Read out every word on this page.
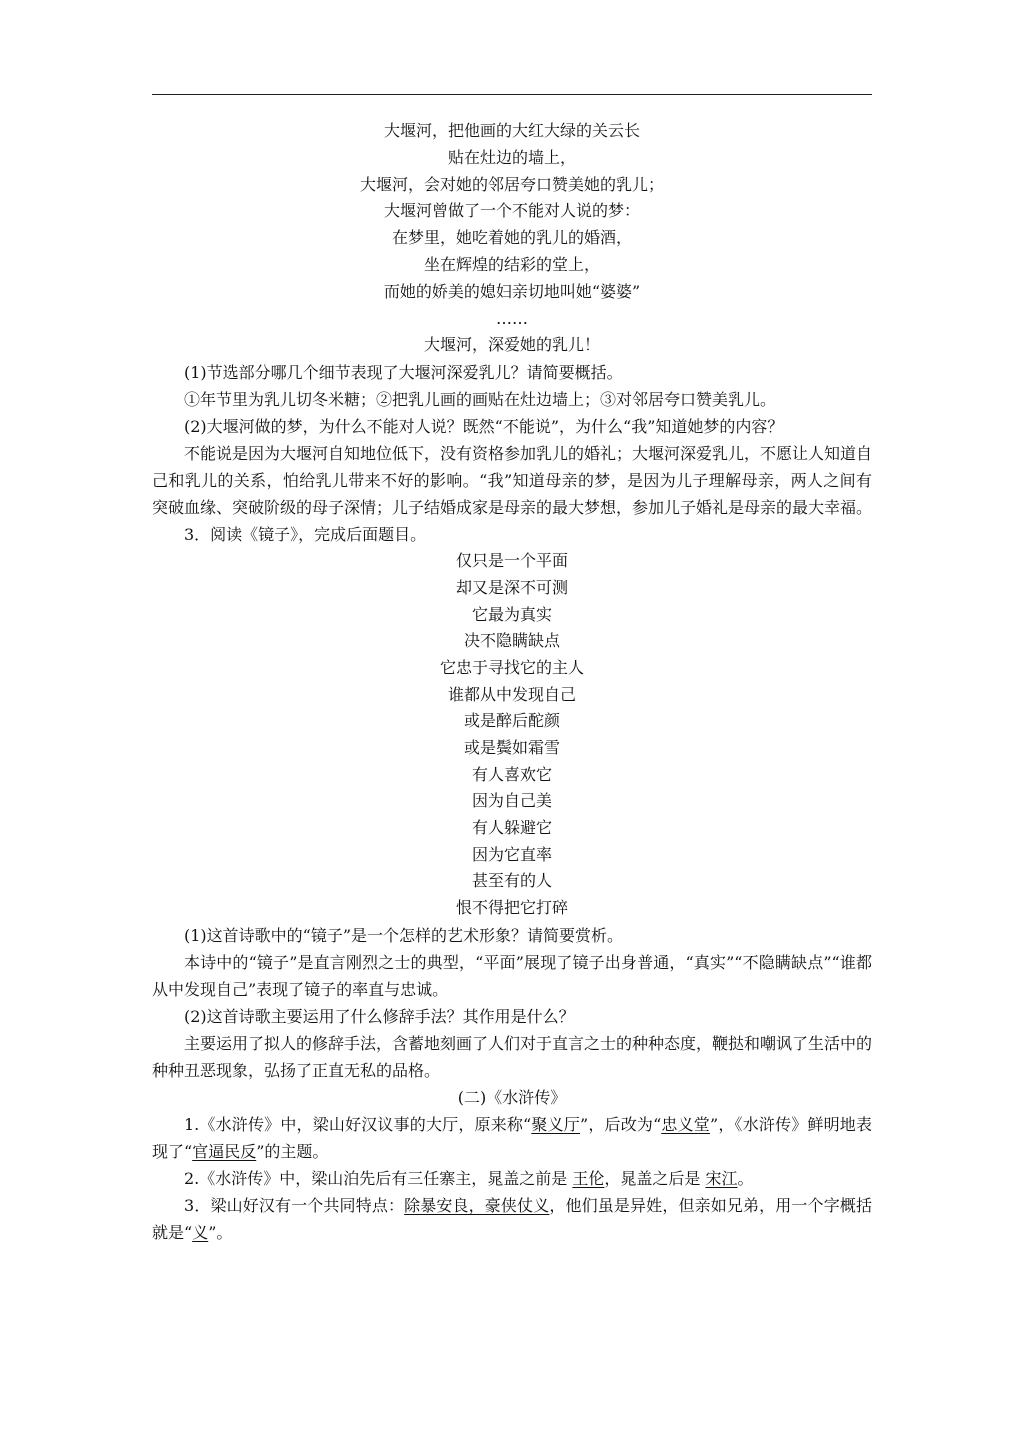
大堰河，把他画的大红大绿的关云长
贴在灶边的墙上，
大堰河，会对她的邻居夸口赞美她的乳儿；
大堰河曾做了一个不能对人说的梦：
在梦里，她吃着她的乳儿的婚酒，
坐在辉煌的结彩的堂上，
而她的娇美的媳妇亲切地叫她“婆婆”
……
大堰河，深爱她的乳儿！

(1)节选部分哪几个细节表现了大堰河深爱乳儿？请简要概括。

①年节里为乳儿切冬米糖；②把乳儿画的画贴在灶边墙上；③对邻居夸口赞美乳儿。

(2)大堰河做的梦，为什么不能对人说？既然“不能说”，为什么“我”知道她梦的内容？

不能说是因为大堰河自知地位低下，没有资格参加乳儿的婚礼；大堰河深爱乳儿，不愿让人知道自己和乳儿的关系，怕给乳儿带来不好的影响。“我”知道母亲的梦，是因为儿子理解母亲，两人之间有突破血缘、突破阶级的母子深情；儿子结婚成家是母亲的最大梦想，参加儿子婚礼是母亲的最大幸福。

3．阅读《镜子》，完成后面题目。

仅只是一个平面
却又是深不可测
它最为真实
决不隐瞒缺点
它忠于寻找它的主人
谁都从中发现自己
或是醉后酡颜
或是鬓如霜雪
有人喜欢它
因为自己美
有人躲避它
因为它直率
甚至有的人
恨不得把它打碎

(1)这首诗歌中的“镜子”是一个怎样的艺术形象？请简要赏析。

本诗中的“镜子”是直言刚烈之士的典型，“平面”展现了镜子出身普通，“真实”“不隐瞒缺点”“谁都从中发现自己”表现了镜子的率直与忠诚。

(2)这首诗歌主要运用了什么修辞手法？其作用是什么？

主要运用了拟人的修辞手法，含蓄地刻画了人们对于直言之士的种种态度，鞭挞和嘲讽了生活中的种种丑恶现象，弘扬了正直无私的品格。

(二)《水浒传》

1.《水浒传》中，梁山好汉议事的大厅，原来称“聚义厅”，后改为“忠义堂”，《水浒传》鲜明地表现了“官逼民反”的主题。

2.《水浒传》中，梁山泊先后有三任寨主，晁盖之前是 王伦，晁盖之后是 宋江。

3．梁山好汉有一个共同特点：除暴安良，豪侠仗义，他们虽是异姓，但亲如兄弟，用一个字概括就是“义”。
